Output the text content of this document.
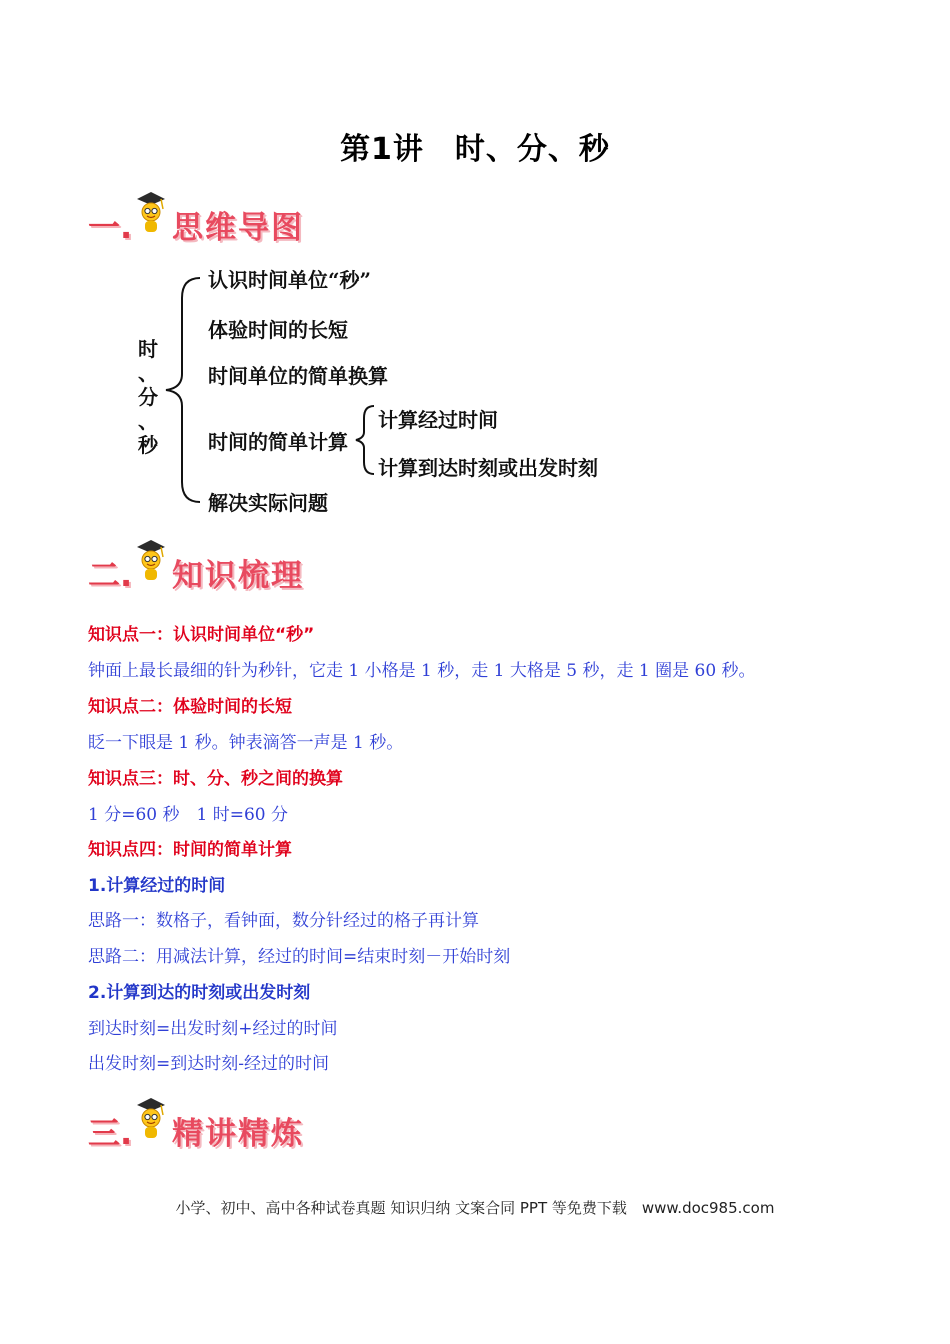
第1讲　时、分、秒
一. 思维导图
时
、
分
、
秒
认识时间单位“秒”
体验时间的长短
时间单位的简单换算
时间的简单计算
解决实际问题
计算经过时间
计算到达时刻或出发时刻
二. 知识梳理
知识点一：认识时间单位“秒”
钟面上最长最细的针为秒针，它走 1 小格是 1 秒，走 1 大格是 5 秒，走 1 圈是 60 秒。
知识点二：体验时间的长短
眨一下眼是 1 秒。钟表滴答一声是 1 秒。
知识点三：时、分、秒之间的换算
1 分=60 秒　1 时=60 分
知识点四：时间的简单计算
1.计算经过的时间
思路一：数格子，看钟面，数分针经过的格子再计算
思路二：用减法计算，经过的时间=结束时刻－开始时刻
2.计算到达的时刻或出发时刻
到达时刻=出发时刻+经过的时间
出发时刻=到达时刻-经过的时间
三. 精讲精炼
小学、初中、高中各种试卷真题 知识归纳 文案合同 PPT 等免费下载　www.doc985.com
